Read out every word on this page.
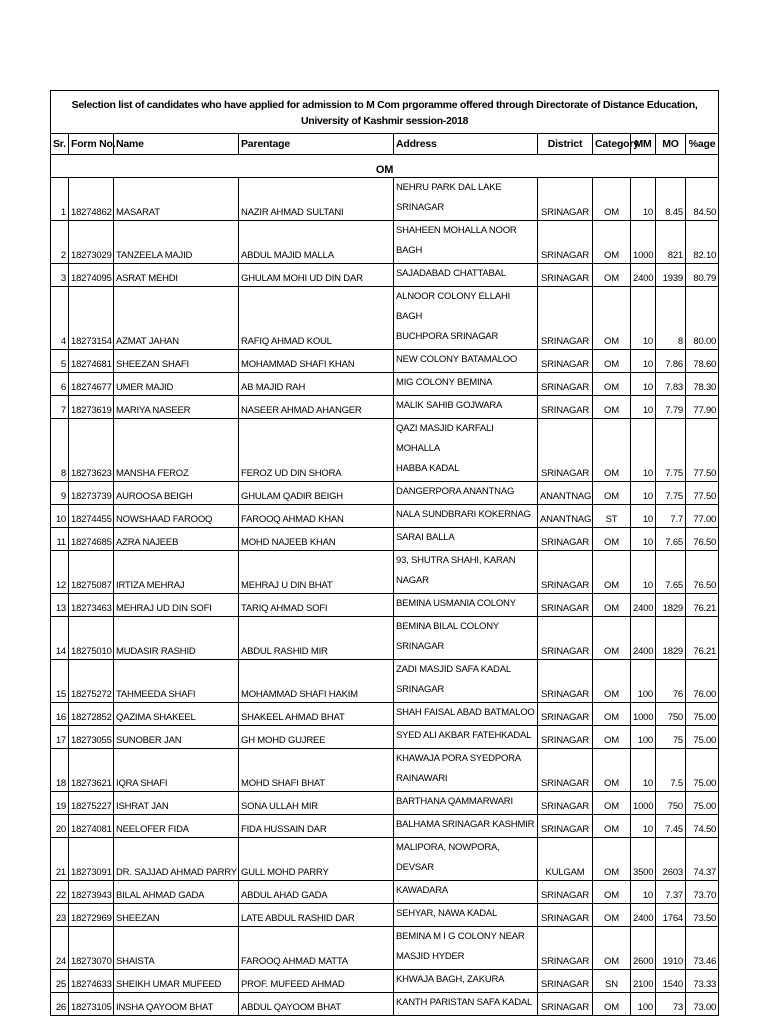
Selection list of candidates who have applied for admission to M Com prgoramme offered through Directorate of Distance Education,
University of Kashmir session-2018									
Sr.	Form No.	Name	Parentage	Address	District	Category	MM	MO	%age
OM									
1	18274862	MASARAT	NAZIR AHMAD SULTANI	NEHRU PARK DAL LAKE SRINAGAR	SRINAGAR	OM	10	8.45	84.50
2	18273029	TANZEELA MAJID	ABDUL MAJID MALLA	SHAHEEN MOHALLA NOOR BAGH	SRINAGAR	OM	1000	821	82.10
3	18274095	ASRAT MEHDI	GHULAM MOHI UD DIN DAR	SAJADABAD CHATTABAL	SRINAGAR	OM	2400	1939	80.79
4	18273154	AZMAT JAHAN	RAFIQ AHMAD KOUL	ALNOOR COLONY ELLAHI BAGH
BUCHPORA SRINAGAR	SRINAGAR	OM	10	8	80.00
5	18274681	SHEEZAN SHAFI	MOHAMMAD SHAFI KHAN	NEW COLONY BATAMALOO	SRINAGAR	OM	10	7.86	78.60
6	18274677	UMER MAJID	AB MAJID RAH	MIG COLONY BEMINA	SRINAGAR	OM	10	7.83	78.30
7	18273619	MARIYA NASEER	NASEER AHMAD AHANGER	MALIK SAHIB GOJWARA	SRINAGAR	OM	10	7.79	77.90
8	18273623	MANSHA FEROZ	FEROZ UD DIN SHORA	QAZI MASJID KARFALI MOHALLA
HABBA KADAL	SRINAGAR	OM	10	7.75	77.50
9	18273739	AUROOSA BEIGH	GHULAM QADIR BEIGH	DANGERPORA ANANTNAG	ANANTNAG	OM	10	7.75	77.50
10	18274455	NOWSHAAD FAROOQ	FAROOQ AHMAD KHAN	NALA SUNDBRARI KOKERNAG	ANANTNAG	ST	10	7.7	77.00
11	18274685	AZRA NAJEEB	MOHD NAJEEB KHAN	SARAI BALLA	SRINAGAR	OM	10	7.65	76.50
12	18275087	IRTIZA MEHRAJ	MEHRAJ U DIN BHAT	93, SHUTRA SHAHI, KARAN NAGAR	SRINAGAR	OM	10	7.65	76.50
13	18273463	MEHRAJ UD DIN SOFI	TARIQ AHMAD SOFI	BEMINA USMANIA COLONY	SRINAGAR	OM	2400	1829	76.21
14	18275010	MUDASIR RASHID	ABDUL RASHID MIR	BEMINA BILAL COLONY SRINAGAR	SRINAGAR	OM	2400	1829	76.21
15	18275272	TAHMEEDA SHAFI	MOHAMMAD SHAFI HAKIM	ZADI MASJID SAFA KADAL SRINAGAR	SRINAGAR	OM	100	76	76.00
16	18272852	QAZIMA SHAKEEL	SHAKEEL AHMAD BHAT	SHAH FAISAL ABAD BATMALOO	SRINAGAR	OM	1000	750	75.00
17	18273055	SUNOBER JAN	GH MOHD GUJREE	SYED ALI AKBAR FATEHKADAL	SRINAGAR	OM	100	75	75.00
18	18273621	IQRA SHAFI	MOHD SHAFI BHAT	KHAWAJA PORA SYEDPORA
RAINAWARI	SRINAGAR	OM	10	7.5	75.00
19	18275227	ISHRAT JAN	SONA ULLAH MIR	BARTHANA QAMMARWARI	SRINAGAR	OM	1000	750	75.00
20	18274081	NEELOFER FIDA	FIDA HUSSAIN DAR	BALHAMA SRINAGAR KASHMIR	SRINAGAR	OM	10	7.45	74.50
21	18273091	DR. SAJJAD AHMAD PARRY	GULL MOHD PARRY	MALIPORA, NOWPORA, DEVSAR	KULGAM	OM	3500	2603	74.37
22	18273943	BILAL AHMAD GADA	ABDUL AHAD GADA	KAWADARA	SRINAGAR	OM	10	7.37	73.70
23	18272969	SHEEZAN	LATE ABDUL RASHID DAR	SEHYAR, NAWA KADAL	SRINAGAR	OM	2400	1764	73.50
24	18273070	SHAISTA	FAROOQ AHMAD MATTA	BEMINA M I G COLONY NEAR
MASJID HYDER	SRINAGAR	OM	2600	1910	73.46
25	18274633	SHEIKH UMAR MUFEED	PROF. MUFEED AHMAD	KHWAJA BAGH, ZAKURA	SRINAGAR	SN	2100	1540	73.33
26	18273105	INSHA QAYOOM BHAT	ABDUL QAYOOM BHAT	KANTH PARISTAN SAFA KADAL	SRINAGAR	OM	100	73	73.00
